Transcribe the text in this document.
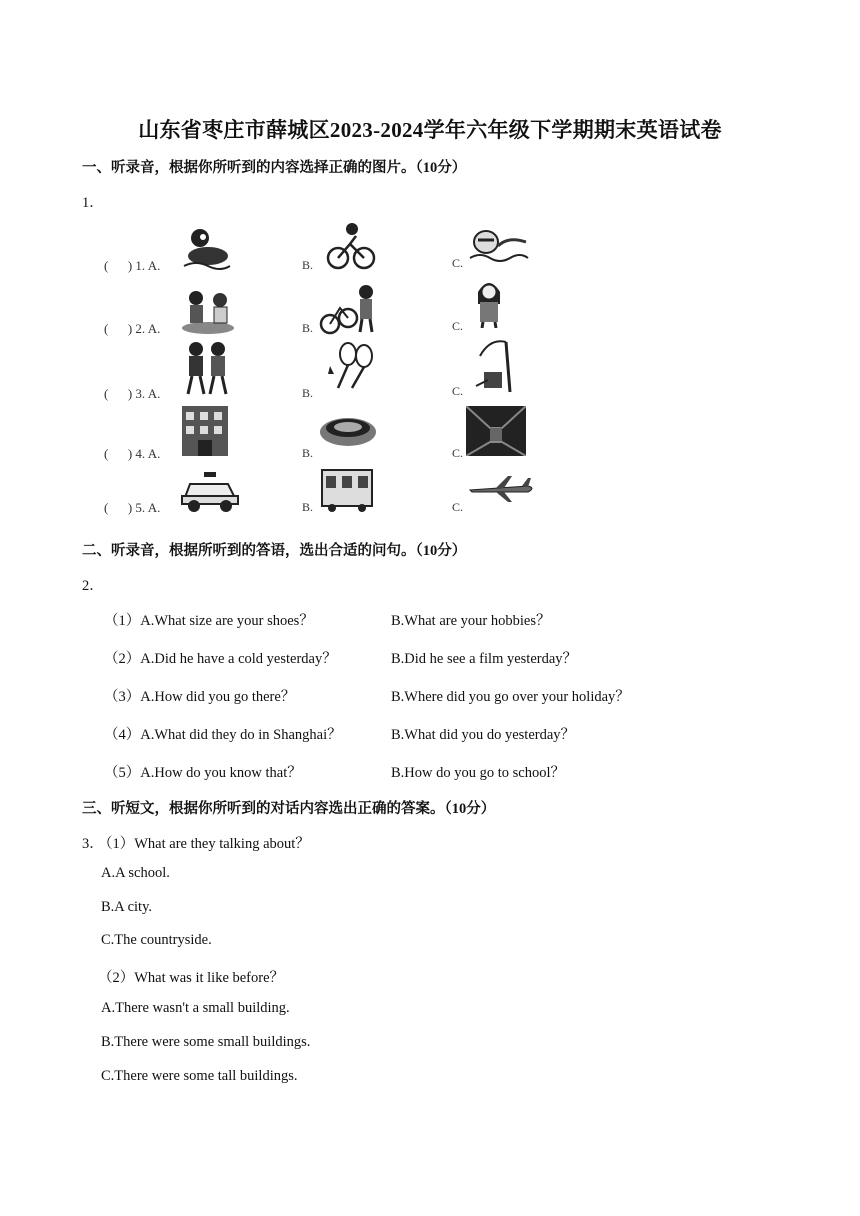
山东省枣庄市薛城区2023-2024学年六年级下学期期末英语试卷
一、听录音，根据你所听到的内容选择正确的图片。（10分）
1．
(      ) 1. A.	B.	C.
(      ) 2. A.	B.	C.
(      ) 3. A.	B.	C.
(      ) 4. A.	B.	C.
(      ) 5. A.	B.	C.
二、听录音，根据所听到的答语，选出合适的问句。（10分）
2．
（1）A.What size are your shoes？	B.What are your hobbies？
（2）A.Did he have a cold yesterday？	B.Did he see a film yesterday？
（3）A.How did you go there？	B.Where did you go over your holiday？
（4）A.What did they do in Shanghai？	B.What did you do yesterday？
（5）A.How do you know that？	B.How do you go to school？
三、听短文，根据你所听到的对话内容选出正确的答案。（10分）
3．
（1）What are they talking about？
A.A school.
B.A city.
C.The countryside.
（2）What was it like before？
A.There wasn't a small building.
B.There were some small buildings.
C.There were some tall buildings.
